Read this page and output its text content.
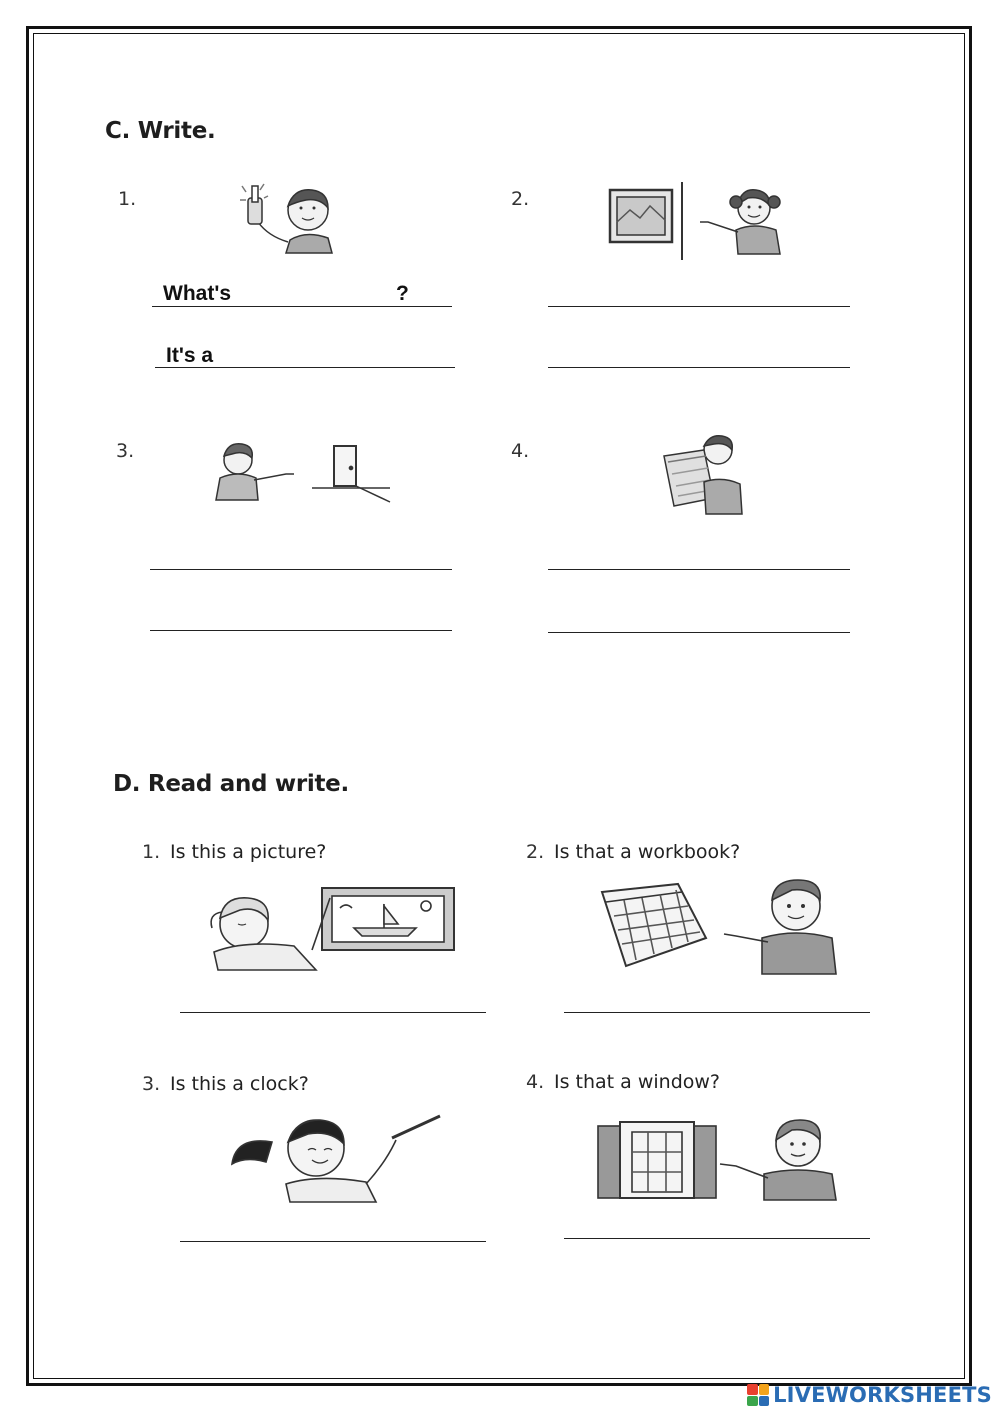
C. Write.
1.
What's	?
It's a
2.
3.	4.
D. Read and write.
1. Is this a picture?	2. Is that a workbook?
3. Is this a clock?	4. Is that a window?
LIVEWORKSHEETS
